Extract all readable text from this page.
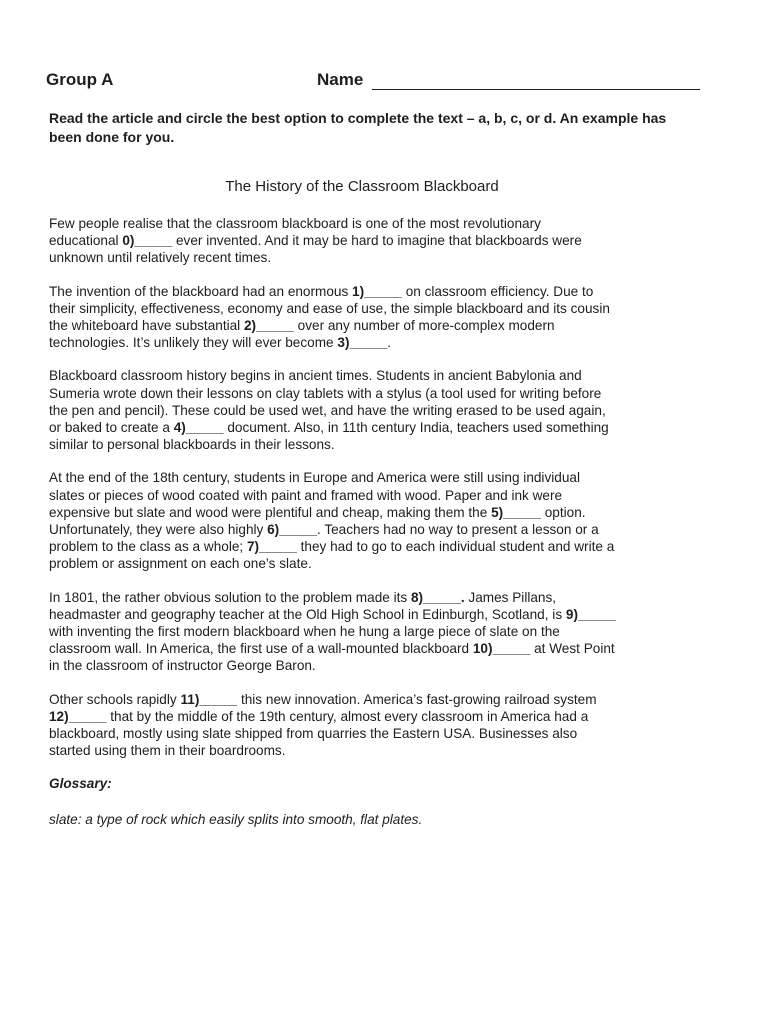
Group A	Name
Read the article and circle the best option to complete the text – a, b, c, or d. An example has been done for you.
The History of the Classroom Blackboard

Few people realise that the classroom blackboard is one of the most revolutionary
educational 0)_____ ever invented. And it may be hard to imagine that blackboards were
unknown until relatively recent times.

The invention of the blackboard had an enormous 1)_____ on classroom efficiency. Due to
their simplicity, effectiveness, economy and ease of use, the simple blackboard and its cousin
the whiteboard have substantial 2)_____ over any number of more-complex modern
technologies. It’s unlikely they will ever become 3)_____.

Blackboard classroom history begins in ancient times. Students in ancient Babylonia and
Sumeria wrote down their lessons on clay tablets with a stylus (a tool used for writing before
the pen and pencil). These could be used wet, and have the writing erased to be used again,
or baked to create a 4)_____ document. Also, in 11th century India, teachers used something
similar to personal blackboards in their lessons.

At the end of the 18th century, students in Europe and America were still using individual
slates or pieces of wood coated with paint and framed with wood. Paper and ink were
expensive but slate and wood were plentiful and cheap, making them the 5)_____ option.
Unfortunately, they were also highly 6)_____. Teachers had no way to present a lesson or a
problem to the class as a whole; 7)_____ they had to go to each individual student and write a
problem or assignment on each one’s slate.

In 1801, the rather obvious solution to the problem made its 8)_____. James Pillans,
headmaster and geography teacher at the Old High School in Edinburgh, Scotland, is 9)_____
with inventing the first modern blackboard when he hung a large piece of slate on the
classroom wall. In America, the first use of a wall-mounted blackboard 10)_____ at West Point
in the classroom of instructor George Baron.

Other schools rapidly 11)_____ this new innovation. America’s fast-growing railroad system
12)_____ that by the middle of the 19th century, almost every classroom in America had a
blackboard, mostly using slate shipped from quarries the Eastern USA. Businesses also
started using them in their boardrooms.

Glossary:

slate: a type of rock which easily splits into smooth, flat plates.
